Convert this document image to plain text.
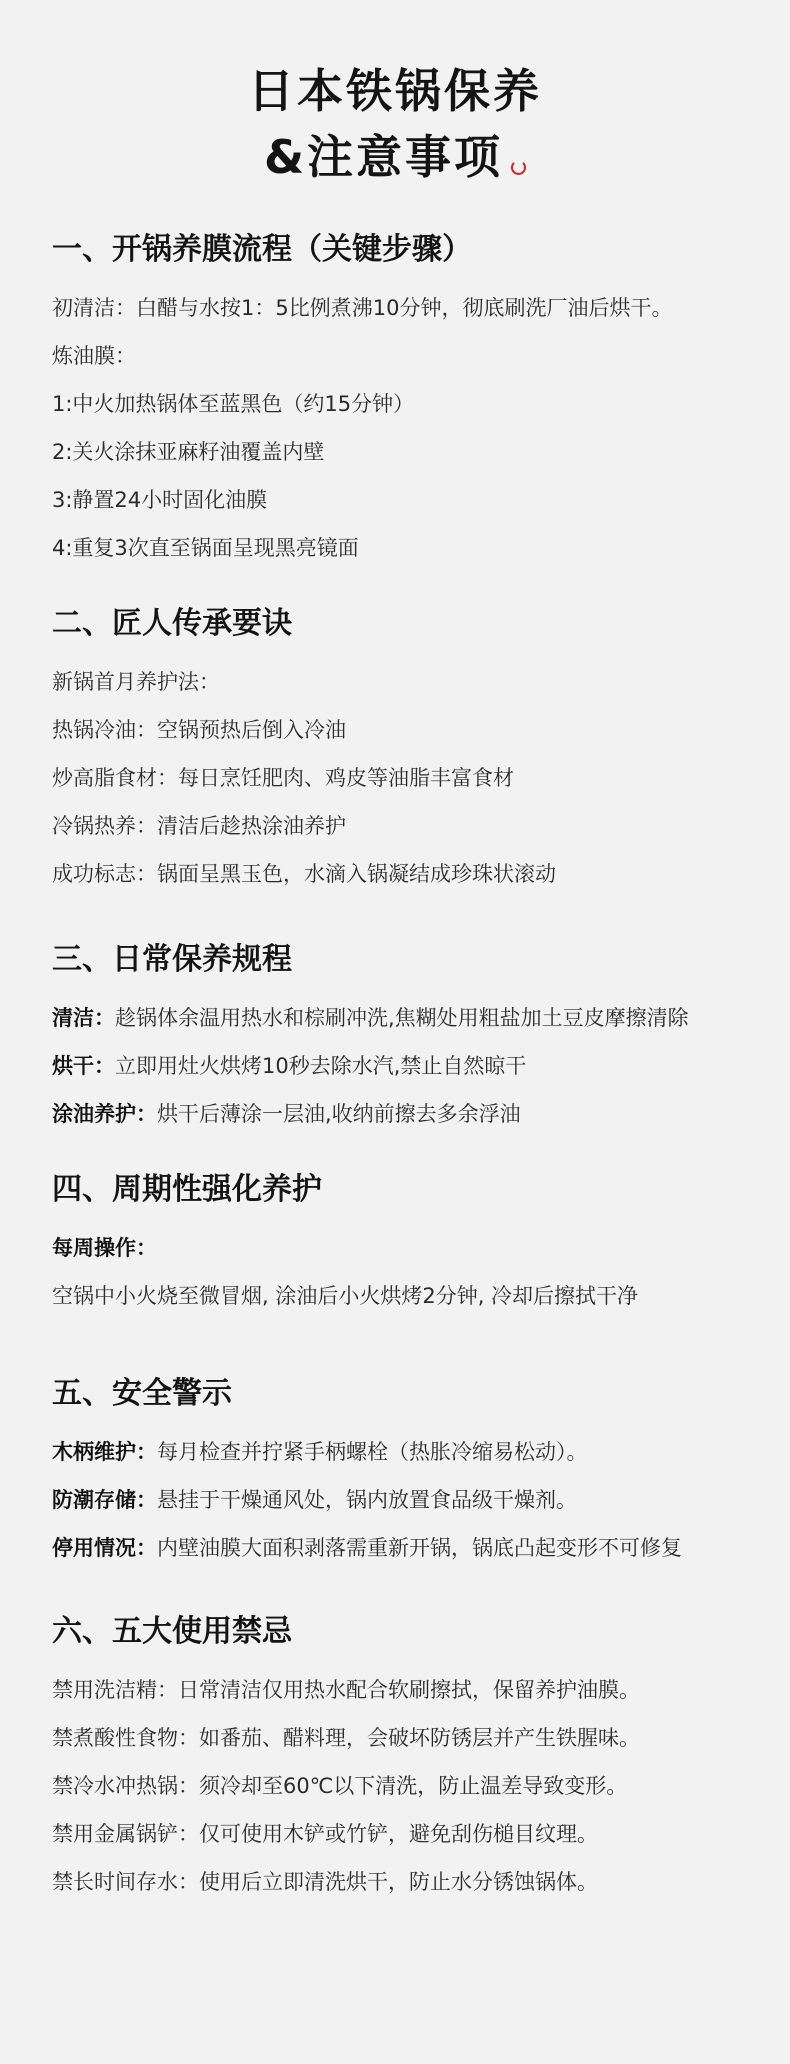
日本铁锅保养
&注意事项
一、开锅养膜流程（关键步骤）
初清洁：白醋与水按1：5比例煮沸10分钟，彻底刷洗厂油后烘干。
炼油膜：
1:中火加热锅体至蓝黑色（约15分钟）
2:关火涂抹亚麻籽油覆盖内壁
3:静置24小时固化油膜
4:重复3次直至锅面呈现黑亮镜面
二、匠人传承要诀
新锅首月养护法：
热锅冷油：空锅预热后倒入冷油
炒高脂食材：每日烹饪肥肉、鸡皮等油脂丰富食材
冷锅热养：清洁后趁热涂油养护
成功标志：锅面呈黑玉色，水滴入锅凝结成珍珠状滚动
三、日常保养规程
清洁：趁锅体余温用热水和棕刷冲洗,焦糊处用粗盐加土豆皮摩擦清除
烘干：立即用灶火烘烤10秒去除水汽,禁止自然晾干
涂油养护：烘干后薄涂一层油,收纳前擦去多余浮油
四、周期性强化养护
每周操作：
空锅中小火烧至微冒烟, 涂油后小火烘烤2分钟, 冷却后擦拭干净
五、安全警示
木柄维护：每月检查并拧紧手柄螺栓（热胀冷缩易松动）。
防潮存储：悬挂于干燥通风处，锅内放置食品级干燥剂。
停用情况：内壁油膜大面积剥落需重新开锅，锅底凸起变形不可修复
六、五大使用禁忌
禁用洗洁精：日常清洁仅用热水配合软刷擦拭，保留养护油膜。
禁煮酸性食物：如番茄、醋料理，会破坏防锈层并产生铁腥味。
禁冷水冲热锅：须冷却至60℃以下清洗，防止温差导致变形。
禁用金属锅铲：仅可使用木铲或竹铲，避免刮伤槌目纹理。
禁长时间存水：使用后立即清洗烘干，防止水分锈蚀锅体。
